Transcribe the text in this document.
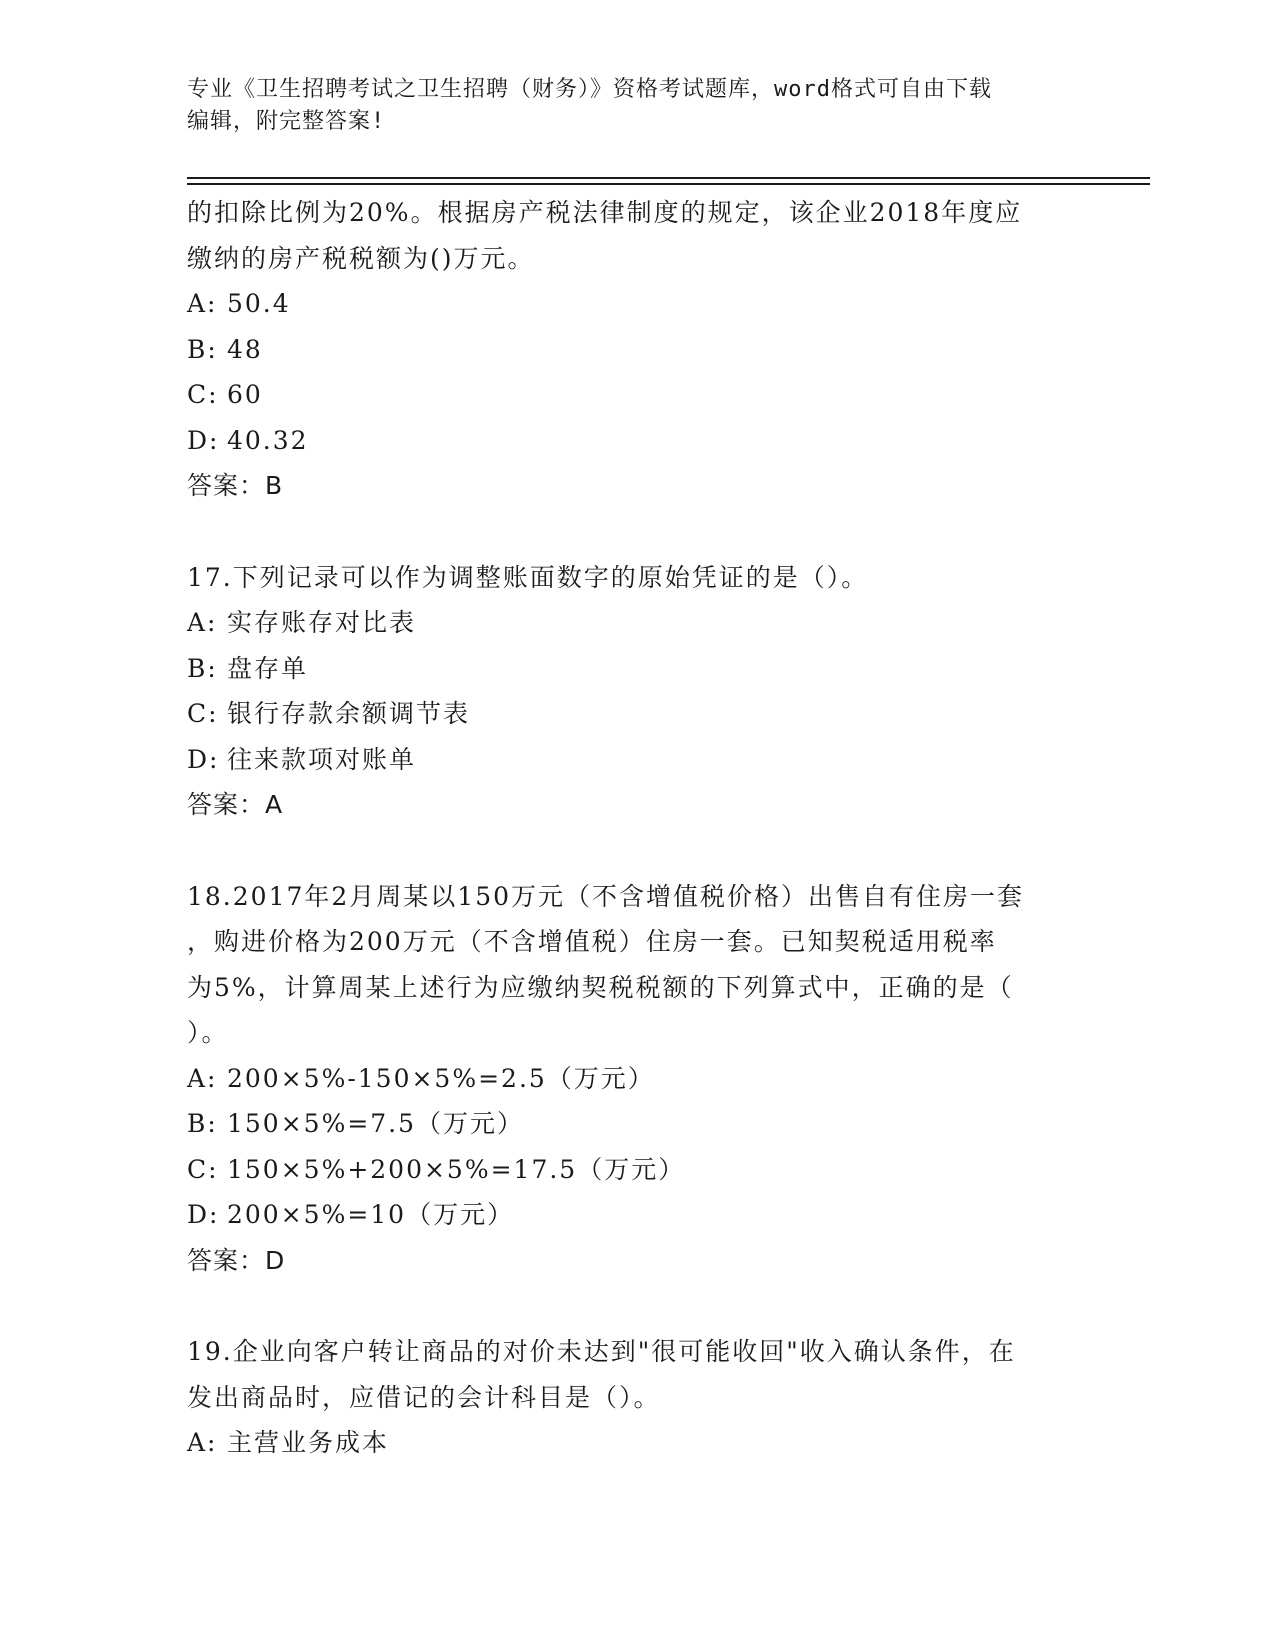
专业《卫生招聘考试之卫生招聘（财务）》资格考试题库，word格式可自由下载
编辑，附完整答案!
的扣除比例为20%。根据房产税法律制度的规定，该企业2018年度应
缴纳的房产税税额为()万元。
A: 50.4
B: 48
C: 60
D: 40.32
答案：B
17.下列记录可以作为调整账面数字的原始凭证的是（）。
A: 实存账存对比表
B: 盘存单
C: 银行存款余额调节表
D: 往来款项对账单
答案：A
18.2017年2月周某以150万元（不含增值税价格）出售自有住房一套
，购进价格为200万元（不含增值税）住房一套。已知契税适用税率
为5%，计算周某上述行为应缴纳契税税额的下列算式中，正确的是（
）。
A: 200×5%-150×5%=2.5（万元）
B: 150×5%=7.5（万元）
C: 150×5%+200×5%=17.5（万元）
D: 200×5%=10（万元）
答案：D
19.企业向客户转让商品的对价未达到"很可能收回"收入确认条件，在
发出商品时，应借记的会计科目是（）。
A: 主营业务成本
